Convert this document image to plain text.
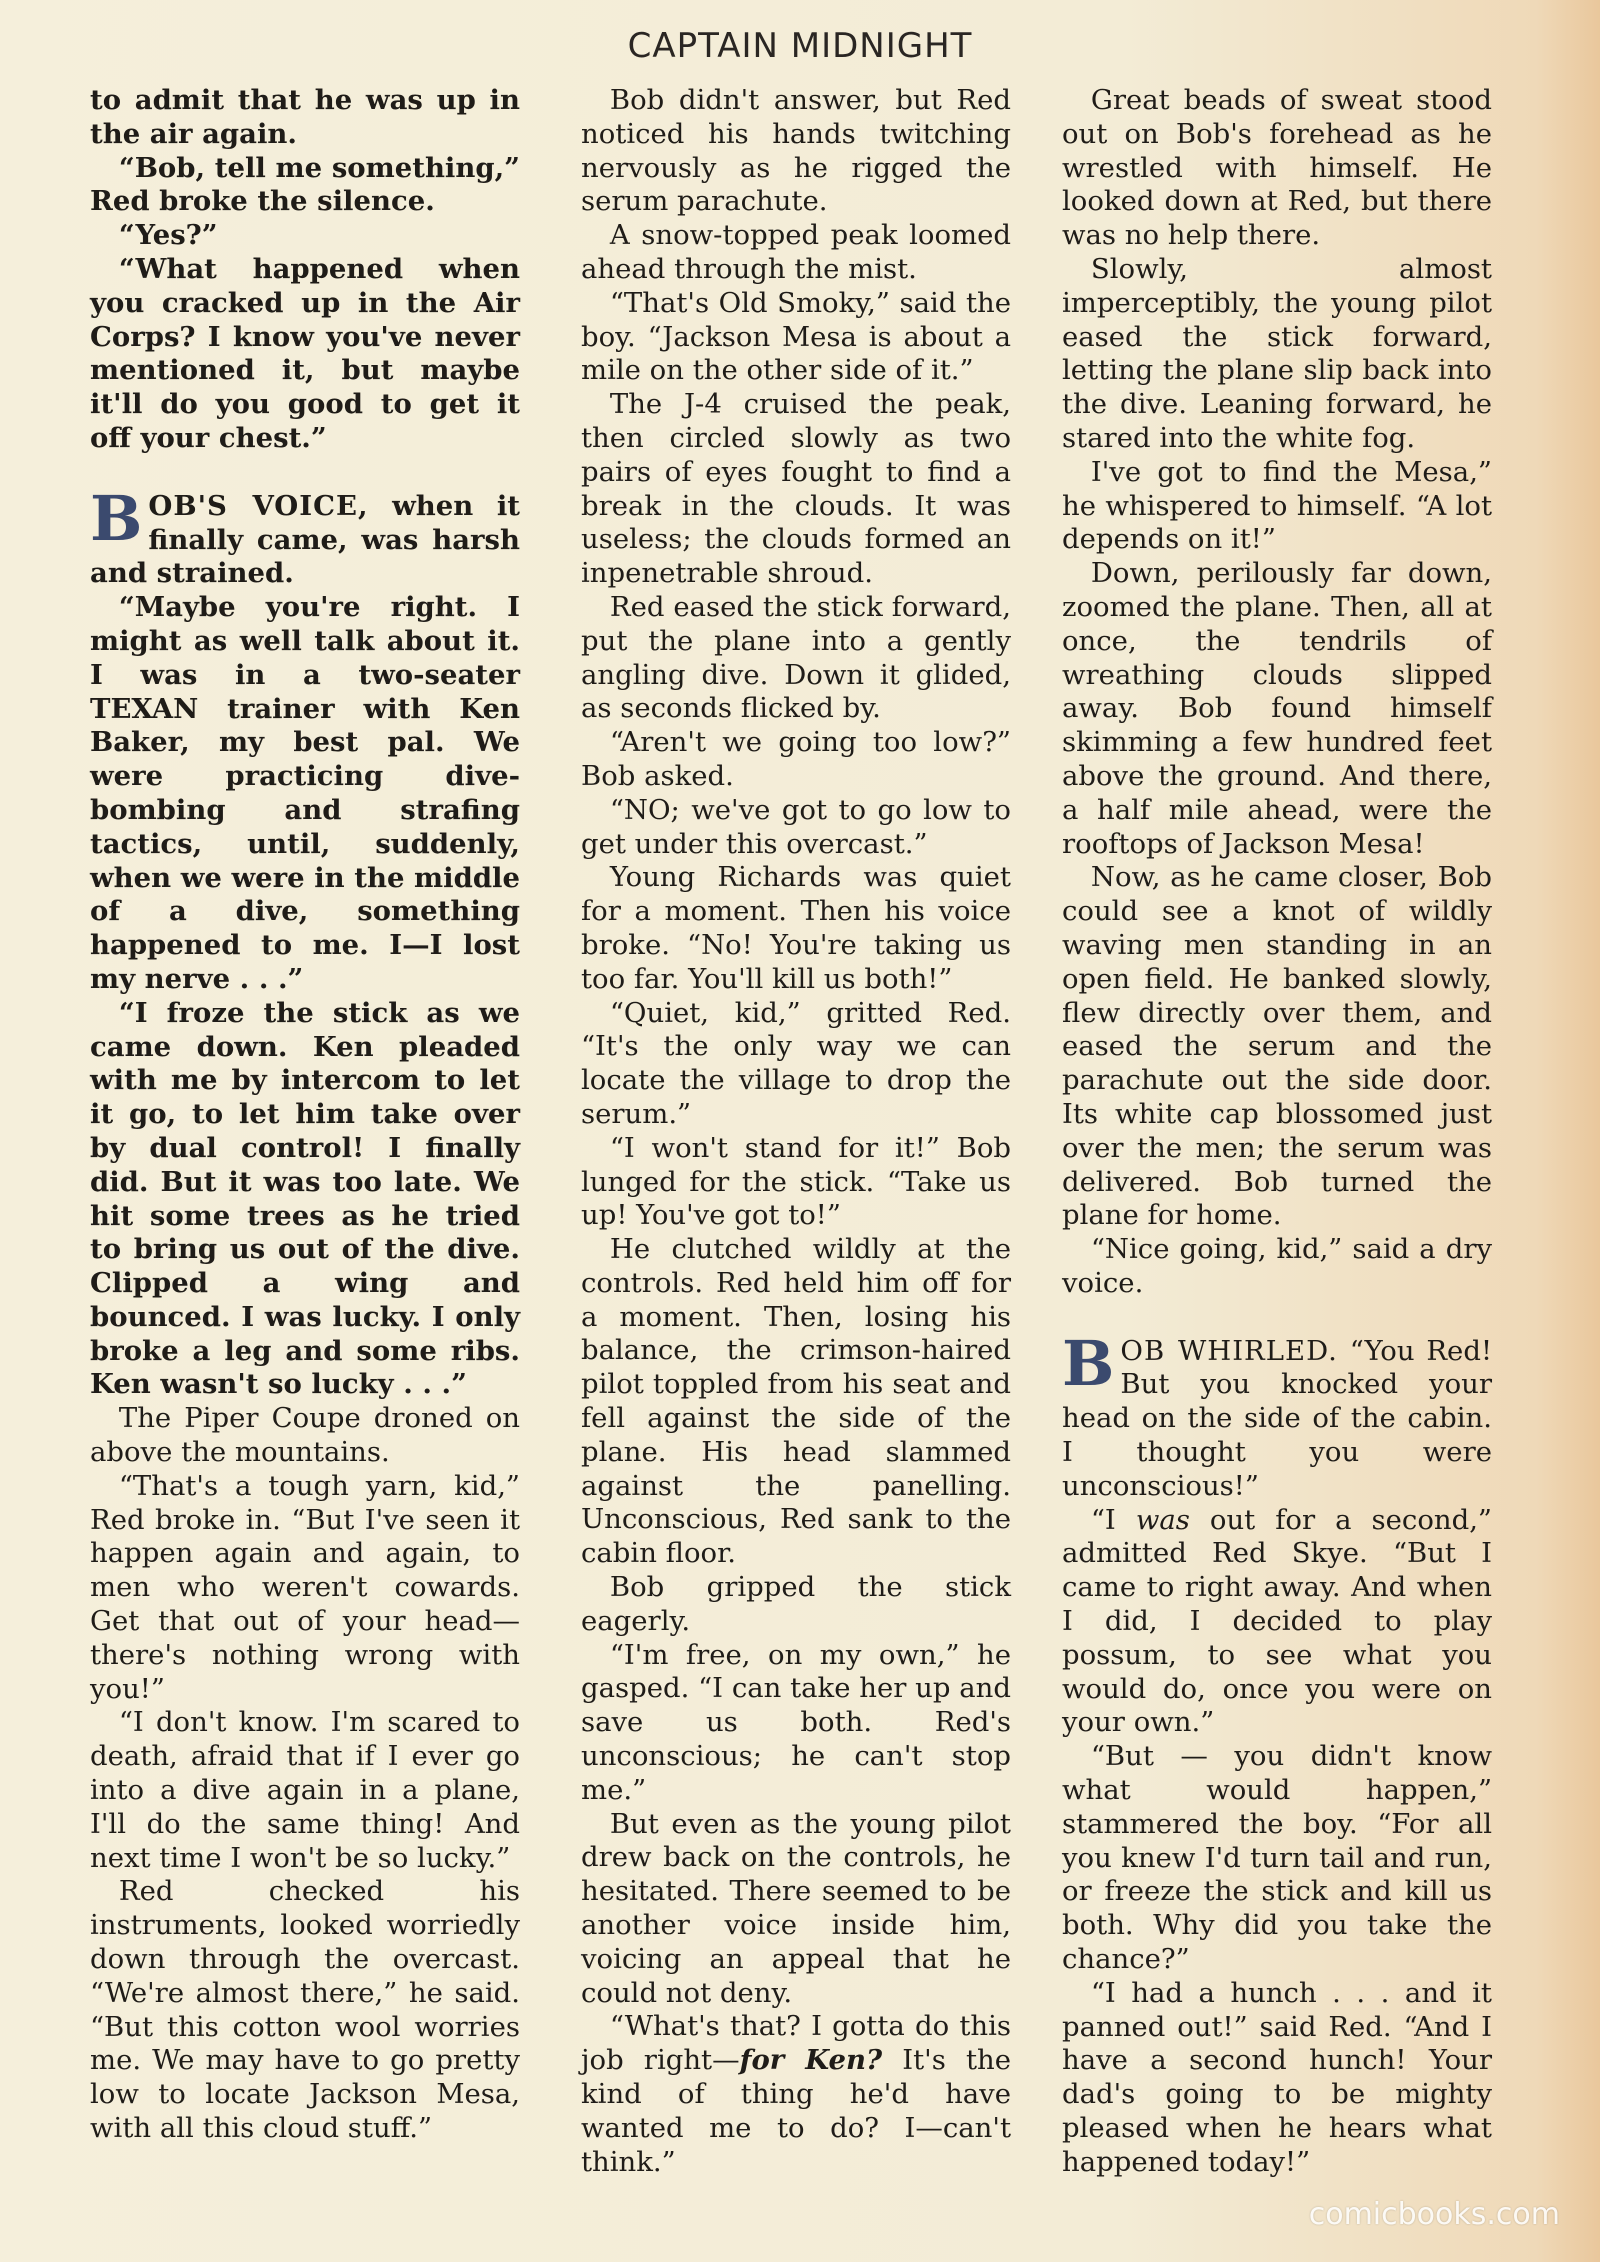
CAPTAIN MIDNIGHT

to admit that he was up in the air again.

“Bob, tell me something,” Red broke the silence.

“Yes?”

“What happened when you cracked up in the Air Corps? I know you've never mentioned it, but maybe it'll do you good to get it off your chest.”

BOB'S VOICE, when it finally came, was harsh and strained.

“Maybe you're right. I might as well talk about it. I was in a two-seater TEXAN trainer with Ken Baker, my best pal. We were practicing dive-bombing and strafing tactics, until, suddenly, when we were in the middle of a dive, something happened to me. I—I lost my nerve . . .”

“I froze the stick as we came down. Ken pleaded with me by intercom to let it go, to let him take over by dual control! I finally did. But it was too late. We hit some trees as he tried to bring us out of the dive. Clipped a wing and bounced. I was lucky. I only broke a leg and some ribs. Ken wasn't so lucky . . .”

The Piper Coupe droned on above the mountains.

“That's a tough yarn, kid,” Red broke in. “But I've seen it happen again and again, to men who weren't cowards. Get that out of your head—there's nothing wrong with you!”

“I don't know. I'm scared to death, afraid that if I ever go into a dive again in a plane, I'll do the same thing! And next time I won't be so lucky.”

Red checked his instruments, looked worriedly down through the overcast. “We're almost there,” he said. “But this cotton wool worries me. We may have to go pretty low to locate Jackson Mesa, with all this cloud stuff.”

Bob didn't answer, but Red noticed his hands twitching nervously as he rigged the serum parachute.

A snow-topped peak loomed ahead through the mist.

“That's Old Smoky,” said the boy. “Jackson Mesa is about a mile on the other side of it.”

The J-4 cruised the peak, then circled slowly as two pairs of eyes fought to find a break in the clouds. It was useless; the clouds formed an inpenetrable shroud.

Red eased the stick forward, put the plane into a gently angling dive. Down it glided, as seconds flicked by.

“Aren't we going too low?” Bob asked.

“NO; we've got to go low to get under this overcast.”

Young Richards was quiet for a moment. Then his voice broke. “No! You're taking us too far. You'll kill us both!”

“Quiet, kid,” gritted Red. “It's the only way we can locate the village to drop the serum.”

“I won't stand for it!” Bob lunged for the stick. “Take us up! You've got to!”

He clutched wildly at the controls. Red held him off for a moment. Then, losing his balance, the crimson-haired pilot toppled from his seat and fell against the side of the plane. His head slammed against the panelling. Unconscious, Red sank to the cabin floor.

Bob gripped the stick eagerly.

“I'm free, on my own,” he gasped. “I can take her up and save us both. Red's unconscious; he can't stop me.”

But even as the young pilot drew back on the controls, he hesitated. There seemed to be another voice inside him, voicing an appeal that he could not deny.

“What's that? I gotta do this job right—for Ken? It's the kind of thing he'd have wanted me to do? I—can't think.”

Great beads of sweat stood out on Bob's forehead as he wrestled with himself. He looked down at Red, but there was no help there.

Slowly, almost imperceptibly, the young pilot eased the stick forward, letting the plane slip back into the dive. Leaning forward, he stared into the white fog.

I've got to find the Mesa,” he whispered to himself. “A lot depends on it!”

Down, perilously far down, zoomed the plane. Then, all at once, the tendrils of wreathing clouds slipped away. Bob found himself skimming a few hundred feet above the ground. And there, a half mile ahead, were the rooftops of Jackson Mesa!

Now, as he came closer, Bob could see a knot of wildly waving men standing in an open field. He banked slowly, flew directly over them, and eased the serum and the parachute out the side door. Its white cap blossomed just over the men; the serum was delivered. Bob turned the plane for home.

“Nice going, kid,” said a dry voice.

BOB WHIRLED. “You Red! But you knocked your head on the side of the cabin. I thought you were unconscious!”

“I was out for a second,” admitted Red Skye. “But I came to right away. And when I did, I decided to play possum, to see what you would do, once you were on your own.”

“But — you didn't know what would happen,” stammered the boy. “For all you knew I'd turn tail and run, or freeze the stick and kill us both. Why did you take the chance?”

“I had a hunch . . . and it panned out!” said Red. “And I have a second hunch! Your dad's going to be mighty pleased when he hears what happened today!”

comicbooks.com
